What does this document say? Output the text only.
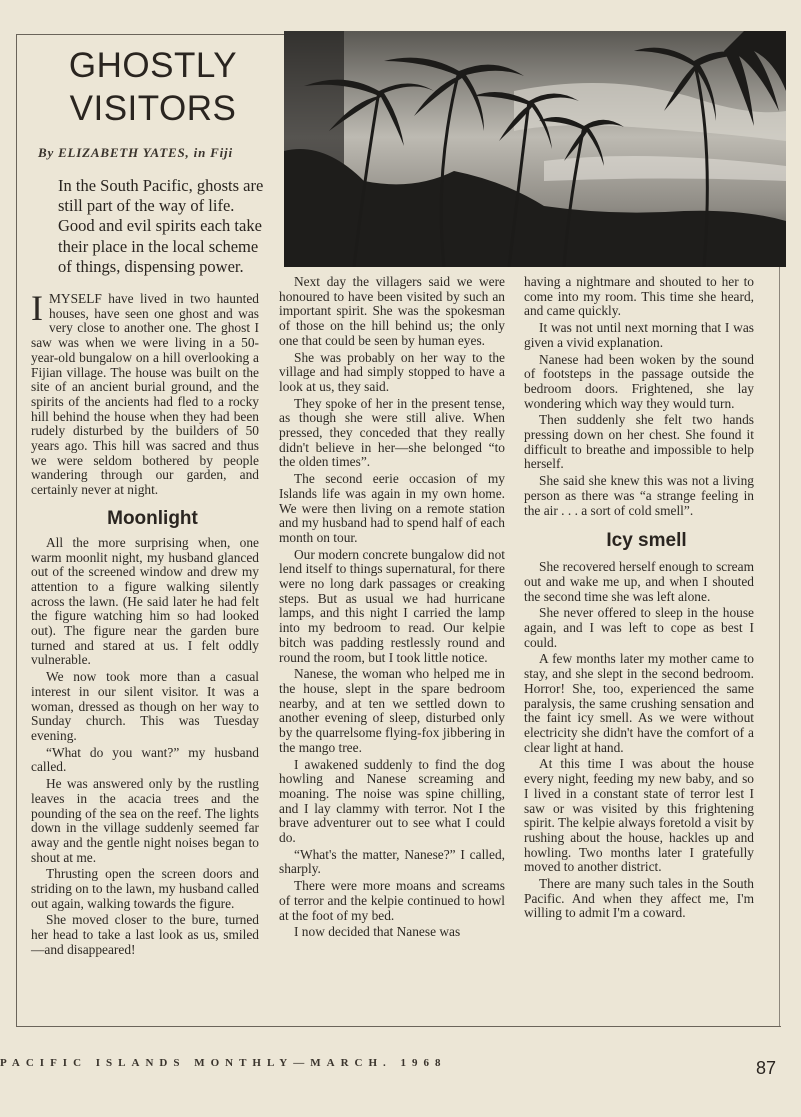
GHOSTLY
VISITORS

By ELIZABETH YATES, in Fiji

In the South Pacific, ghosts are still part of the way of life. Good and evil spirits each take their place in the local scheme of things, dispensing power.

IMYSELF have lived in two haunted houses, have seen one ghost and was very close to another one. The ghost I saw was when we were living in a 50-year-old bungalow on a hill overlooking a Fijian village. The house was built on the site of an ancient burial ground, and the spirits of the ancients had fled to a rocky hill behind the house when they had been rudely disturbed by the builders of 50 years ago. This hill was sacred and thus we were seldom bothered by people wandering through our garden, and certainly never at night.

Moonlight

All the more surprising when, one warm moonlit night, my husband glanced out of the screened window and drew my attention to a figure walking silently across the lawn. (He said later he had felt the figure watching him so had looked out). The figure near the garden bure turned and stared at us. I felt oddly vulnerable.

We now took more than a casual interest in our silent visitor. It was a woman, dressed as though on her way to Sunday church. This was Tuesday evening.

“What do you want?” my husband called.

He was answered only by the rustling leaves in the acacia trees and the pounding of the sea on the reef. The lights down in the village suddenly seemed far away and the gentle night noises began to shout at me.

Thrusting open the screen doors and striding on to the lawn, my husband called out again, walking towards the figure.

She moved closer to the bure, turned her head to take a last look as us, smiled—and disappeared!

Next day the villagers said we were honoured to have been visited by such an important spirit. She was the spokesman of those on the hill behind us; the only one that could be seen by human eyes.

She was probably on her way to the village and had simply stopped to have a look at us, they said.

They spoke of her in the present tense, as though she were still alive. When pressed, they conceded that they really didn't believe in her—she belonged “to the olden times”.

The second eerie occasion of my Islands life was again in my own home. We were then living on a remote station and my husband had to spend half of each month on tour.

Our modern concrete bungalow did not lend itself to things supernatural, for there were no long dark passages or creaking steps. But as usual we had hurricane lamps, and this night I carried the lamp into my bedroom to read. Our kelpie bitch was padding restlessly round and round the room, but I took little notice.

Nanese, the woman who helped me in the house, slept in the spare bedroom nearby, and at ten we settled down to another evening of sleep, disturbed only by the quarrelsome flying-fox jibbering in the mango tree.

I awakened suddenly to find the dog howling and Nanese screaming and moaning. The noise was spine chilling, and I lay clammy with terror. Not I the brave adventurer out to see what I could do.

“What's the matter, Nanese?” I called, sharply.

There were more moans and screams of terror and the kelpie continued to howl at the foot of my bed.

I now decided that Nanese was

having a nightmare and shouted to her to come into my room. This time she heard, and came quickly.

It was not until next morning that I was given a vivid explanation.

Nanese had been woken by the sound of footsteps in the passage outside the bedroom doors. Frightened, she lay wondering which way they would turn.

Then suddenly she felt two hands pressing down on her chest. She found it difficult to breathe and impossible to help herself.

She said she knew this was not a living person as there was “a strange feeling in the air . . . a sort of cold smell”.

Icy smell

She recovered herself enough to scream out and wake me up, and when I shouted the second time she was left alone.

She never offered to sleep in the house again, and I was left to cope as best I could.

A few months later my mother came to stay, and she slept in the second bedroom. Horror! She, too, experienced the same paralysis, the same crushing sensation and the faint icy smell. As we were without electricity she didn't have the comfort of a clear light at hand.

At this time I was about the house every night, feeding my new baby, and so I lived in a constant state of terror lest I saw or was visited by this frightening spirit. The kelpie always foretold a visit by rushing about the house, hackles up and howling. Two months later I gratefully moved to another district.

There are many such tales in the South Pacific. And when they affect me, I'm willing to admit I'm a coward.

PACIFIC ISLANDS MONTHLY—MARCH. 1968	87
